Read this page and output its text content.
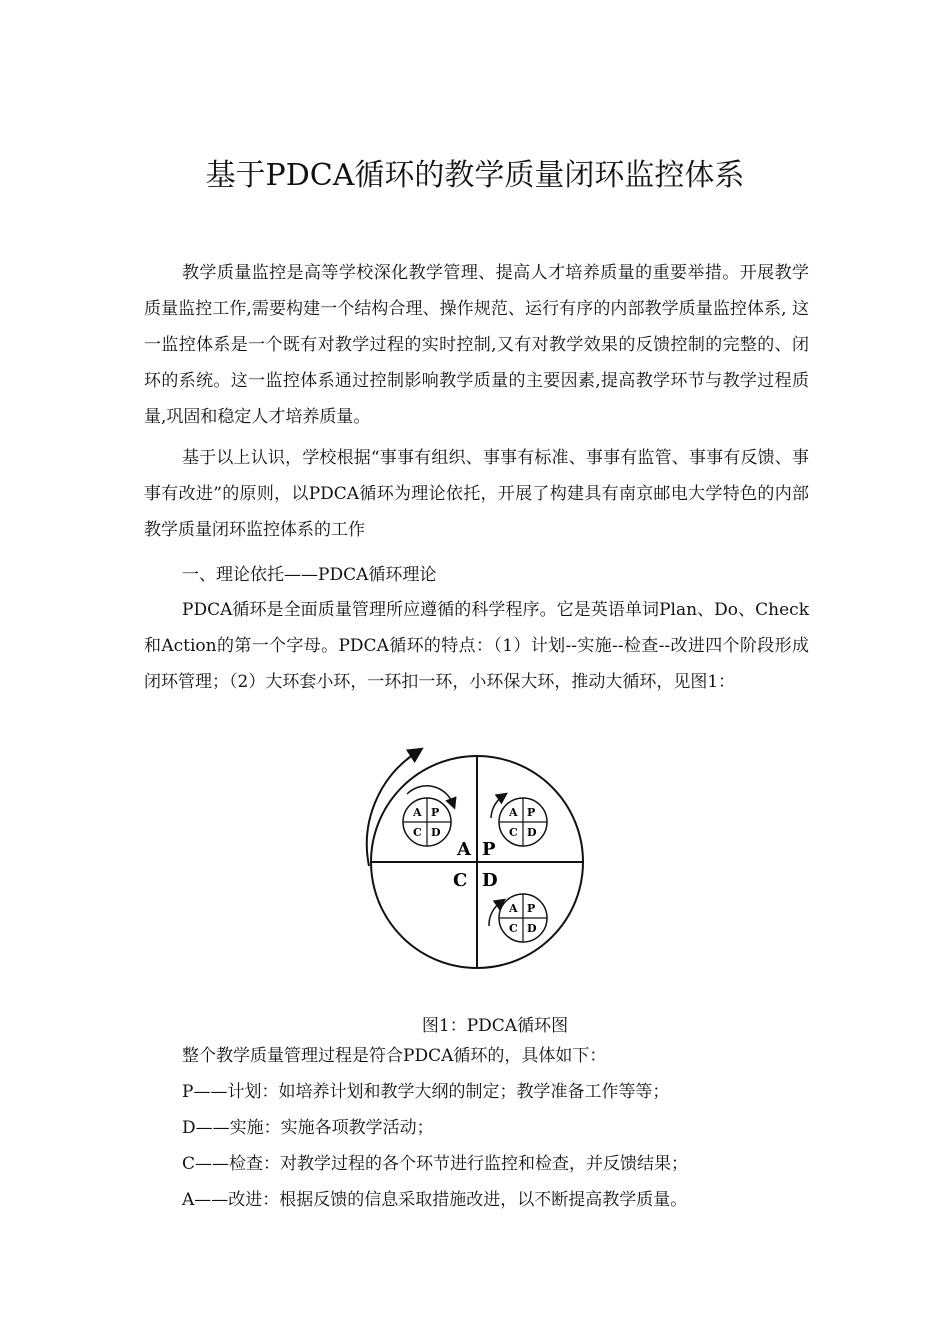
基于PDCA循环的教学质量闭环监控体系

教学质量监控是高等学校深化教学管理、提高人才培养质量的重要举措。开展教学质量监控工作,需要构建一个结构合理、操作规范、运行有序的内部教学质量监控体系, 这一监控体系是一个既有对教学过程的实时控制,又有对教学效果的反馈控制的完整的、闭环的系统。这一监控体系通过控制影响教学质量的主要因素,提高教学环节与教学过程质量,巩固和稳定人才培养质量。

基于以上认识，学校根据“事事有组织、事事有标准、事事有监管、事事有反馈、事事有改进”的原则，以PDCA循环为理论依托，开展了构建具有南京邮电大学特色的内部教学质量闭环监控体系的工作

一、理论依托——PDCA循环理论

PDCA循环是全面质量管理所应遵循的科学程序。它是英语单词Plan、Do、Check和Action的第一个字母。PDCA循环的特点：（1）计划--实施--检查--改进四个阶段形成闭环管理；（2）大环套小环，一环扣一环，小环保大环，推动大循环，见图1：

A P
C D
A P
C D
A P
C D
A P
C D

图1：PDCA循环图

整个教学质量管理过程是符合PDCA循环的，具体如下：

P——计划：如培养计划和教学大纲的制定；教学准备工作等等；

D——实施：实施各项教学活动；

C——检查：对教学过程的各个环节进行监控和检查，并反馈结果；

A——改进：根据反馈的信息采取措施改进，以不断提高教学质量。
